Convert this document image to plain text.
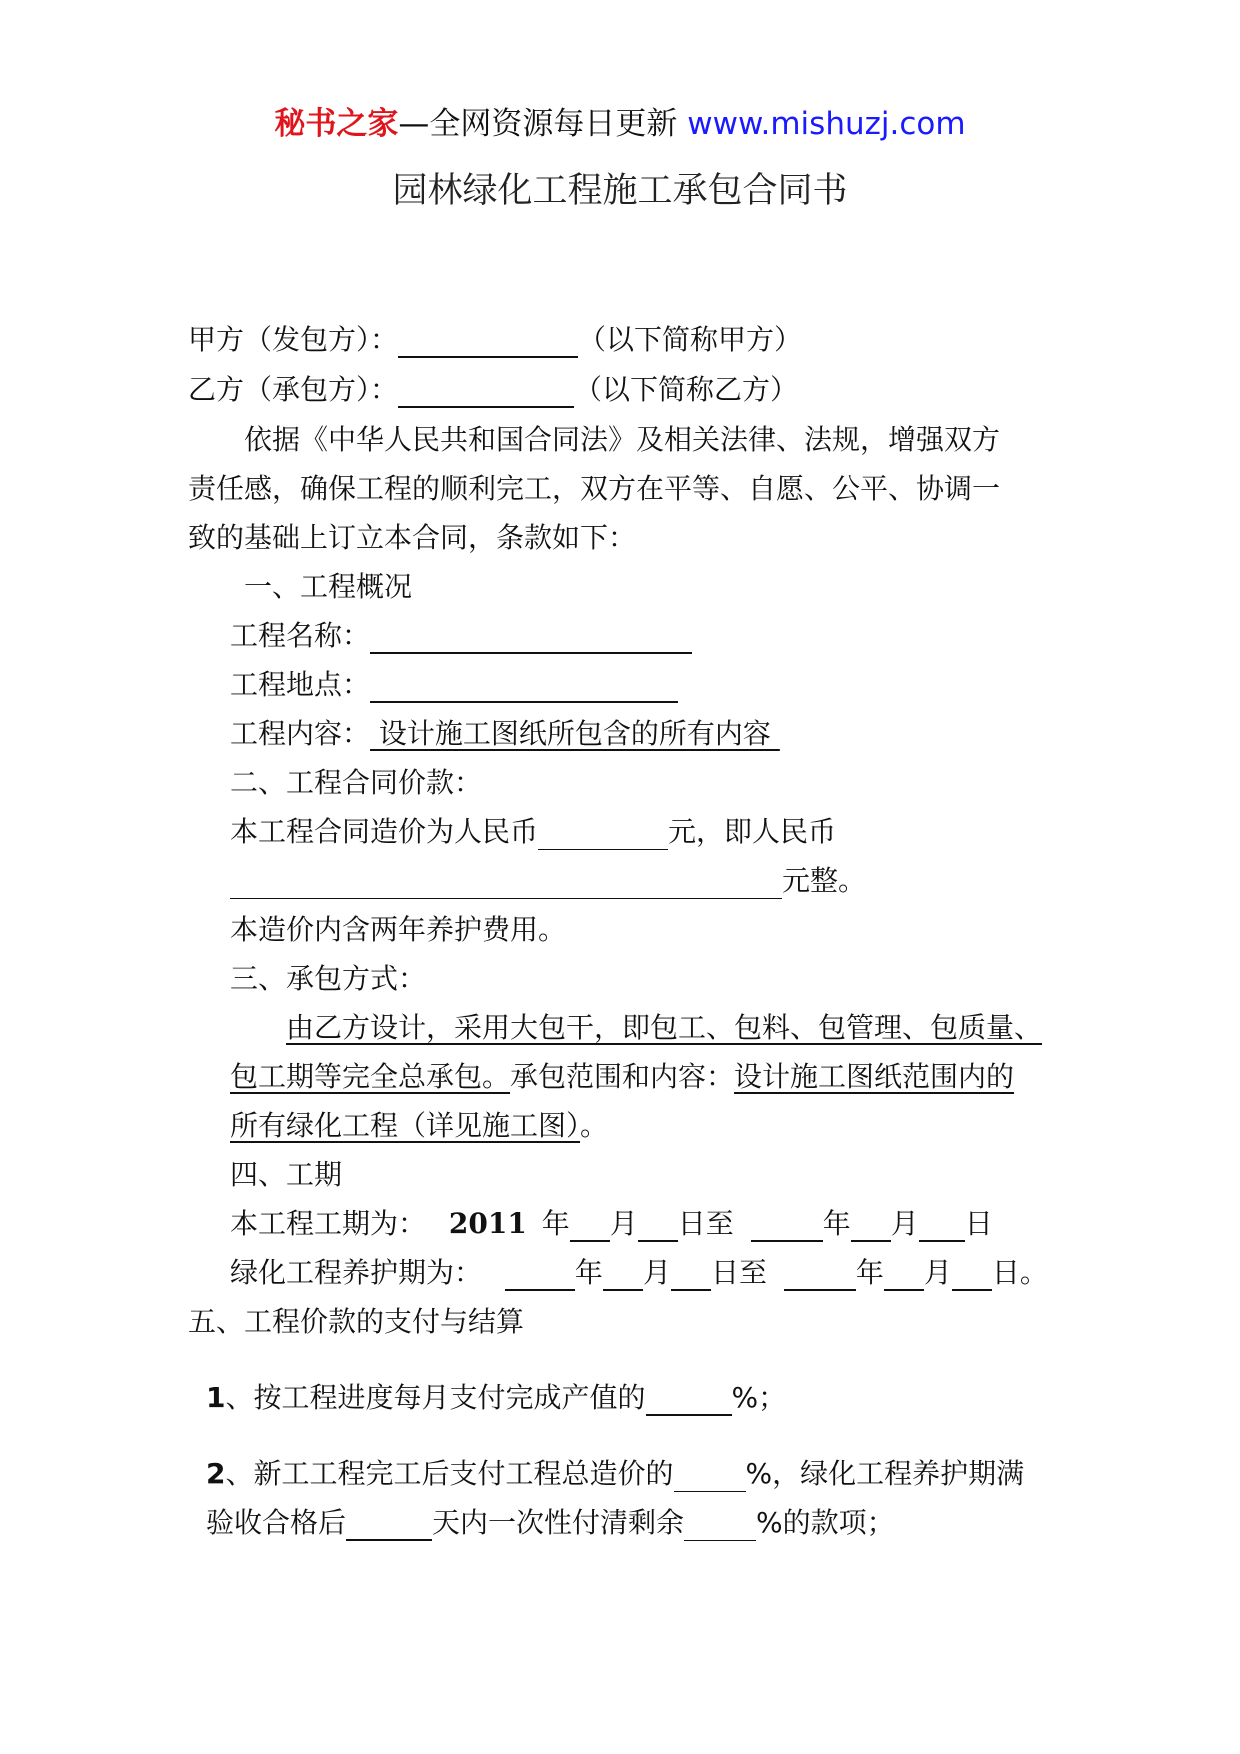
秘书之家—全网资源每日更新 www.mishuzj.com
园林绿化工程施工承包合同书
甲方（发包方）：	（以下简称甲方）
乙方（承包方）：	（以下简称乙方）
依据《中华人民共和国合同法》及相关法律、法规，增强双方
责任感，确保工程的顺利完工，双方在平等、自愿、公平、协调一
致的基础上订立本合同，条款如下：
一、工程概况
工程名称：
工程地点：
工程内容： 设计施工图纸所包含的所有内容
二、工程合同价款：
本工程合同造价为人民币	元，即人民币
元整。
本造价内含两年养护费用。
三、承包方式：
由乙方设计，采用大包干，即包工、包料、包管理、包质量、
包工期等完全总承包。承包范围和内容：设计施工图纸范围内的
所有绿化工程（详见施工图）。
四、工期
本工程工期为： 2011 年 月 日至	年 月 日
绿化工程养护期为：	年 月 日至	年 月 日。
五、工程价款的支付与结算
1、按工程进度每月支付完成产值的	%；
2、新工工程完工后支付工程总造价的	%，绿化工程养护期满
验收合格后	天内一次性付清剩余	%的款项；
